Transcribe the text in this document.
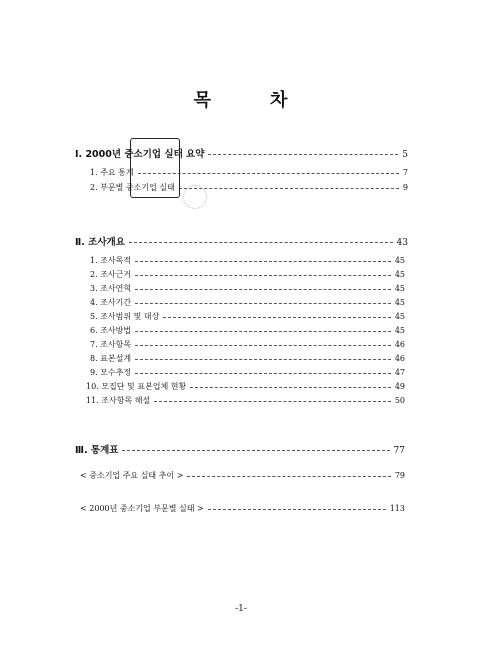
목	차
Ⅰ. 2000년 중소기업 실태 요약	5
1. 주요 통계	7
2. 부문별 중소기업 실태	9
Ⅱ. 조사개요	43
1. 조사목적	45
2. 조사근거	45
3. 조사연혁	45
4. 조사기간	45
5. 조사범위 및 대상	45
6. 조사방법	45
7. 조사항목	46
8. 표본설계	46
9. 모수추정	47
10. 모집단 및 표본업체 현황	49
11. 조사항목 해설	50
Ⅲ. 통계표	77
< 중소기업 주요 실태 추이 >	79
< 2000년 중소기업 부문별 실태 >	113
-1-
